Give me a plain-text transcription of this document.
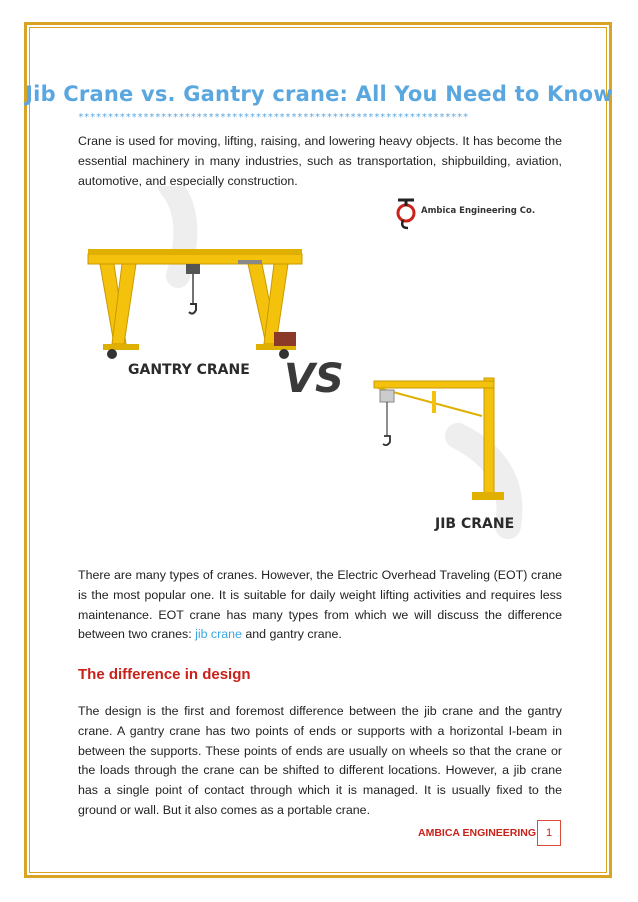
Jib Crane vs. Gantry crane: All You Need to Know
******************************************************************

Crane is used for moving, lifting, raising, and lowering heavy objects. It has become the essential machinery in many industries, such as transportation, shipbuilding, aviation, automotive, and especially construction.

Ambica Engineering Co.
GANTRY CRANE VS
JIB CRANE

There are many types of cranes. However, the Electric Overhead Traveling (EOT) crane is the most popular one. It is suitable for daily weight lifting activities and requires less maintenance. EOT crane has many types from which we will discuss the difference between two cranes: jib crane and gantry crane.

The difference in design

The design is the first and foremost difference between the jib crane and the gantry crane. A gantry crane has two points of ends or supports with a horizontal I-beam in between the supports. These points of ends are usually on wheels so that the crane or the loads through the crane can be shifted to different locations. However, a jib crane has a single point of contact through which it is managed. It is usually fixed to the ground or wall. But it also comes as a portable crane.

AMBICA ENGINEERING 1
